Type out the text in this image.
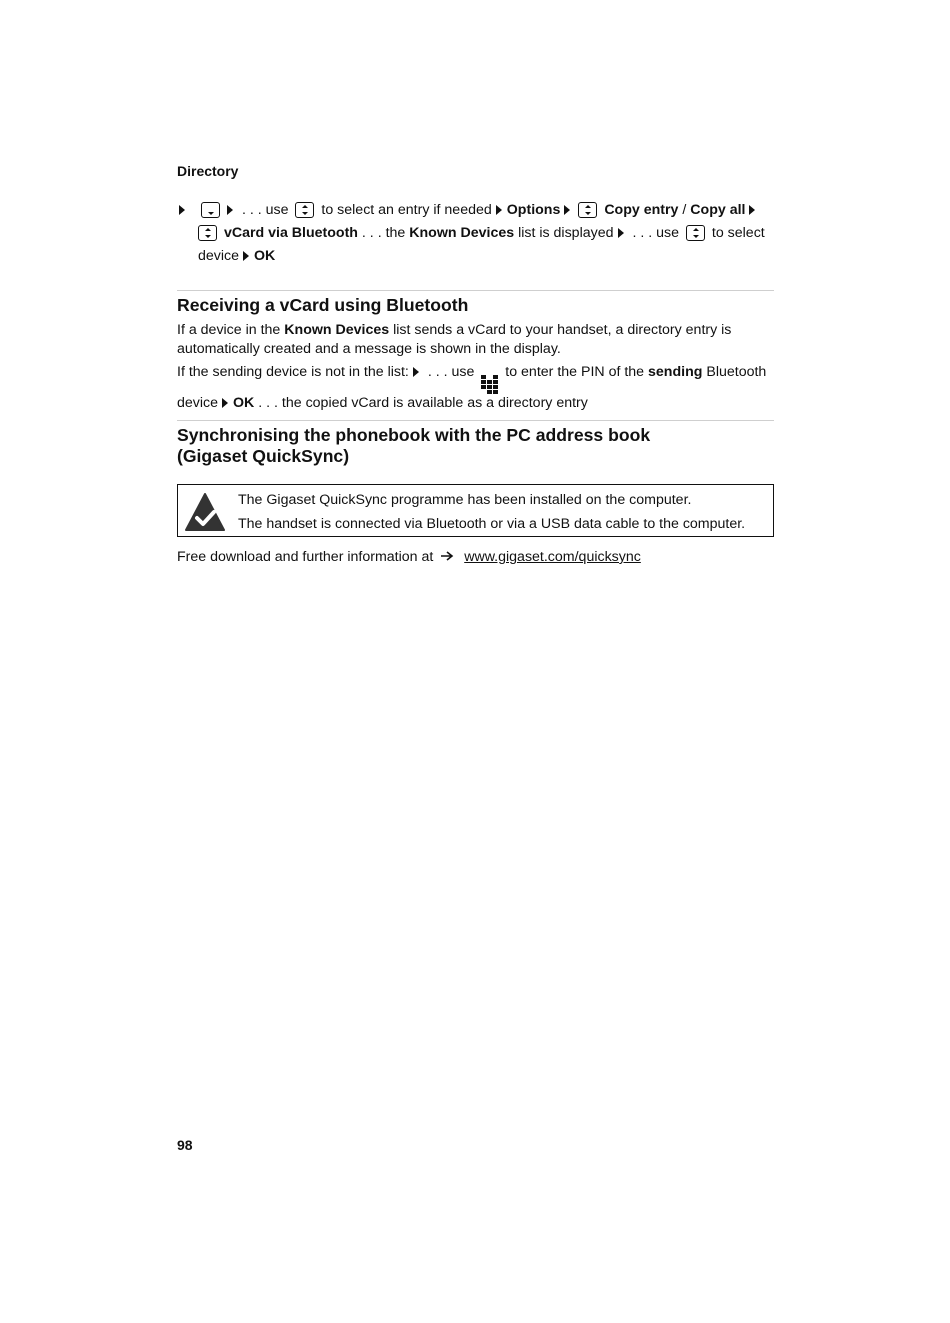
Directory
. . . use to select an entry if needed Options	Copy entry / Copy all

vCard via Bluetooth . . . the Known Devices list is displayed . . . use to select
device OK
Receiving a vCard using Bluetooth
If a device in the Known Devices list sends a vCard to your handset, a directory entry is automatically created and a message is shown in the display.
If the sending device is not in the list: . . . use to enter the PIN of the sending Bluetooth
device OK . . . the copied vCard is available as a directory entry
Synchronising the phonebook with the PC address book
(Gigaset QuickSync)
The Gigaset QuickSync programme has been installed on the computer.
The handset is connected via Bluetooth or via a USB data cable to the computer.
Free download and further information at www.gigaset.com/quicksync
98
